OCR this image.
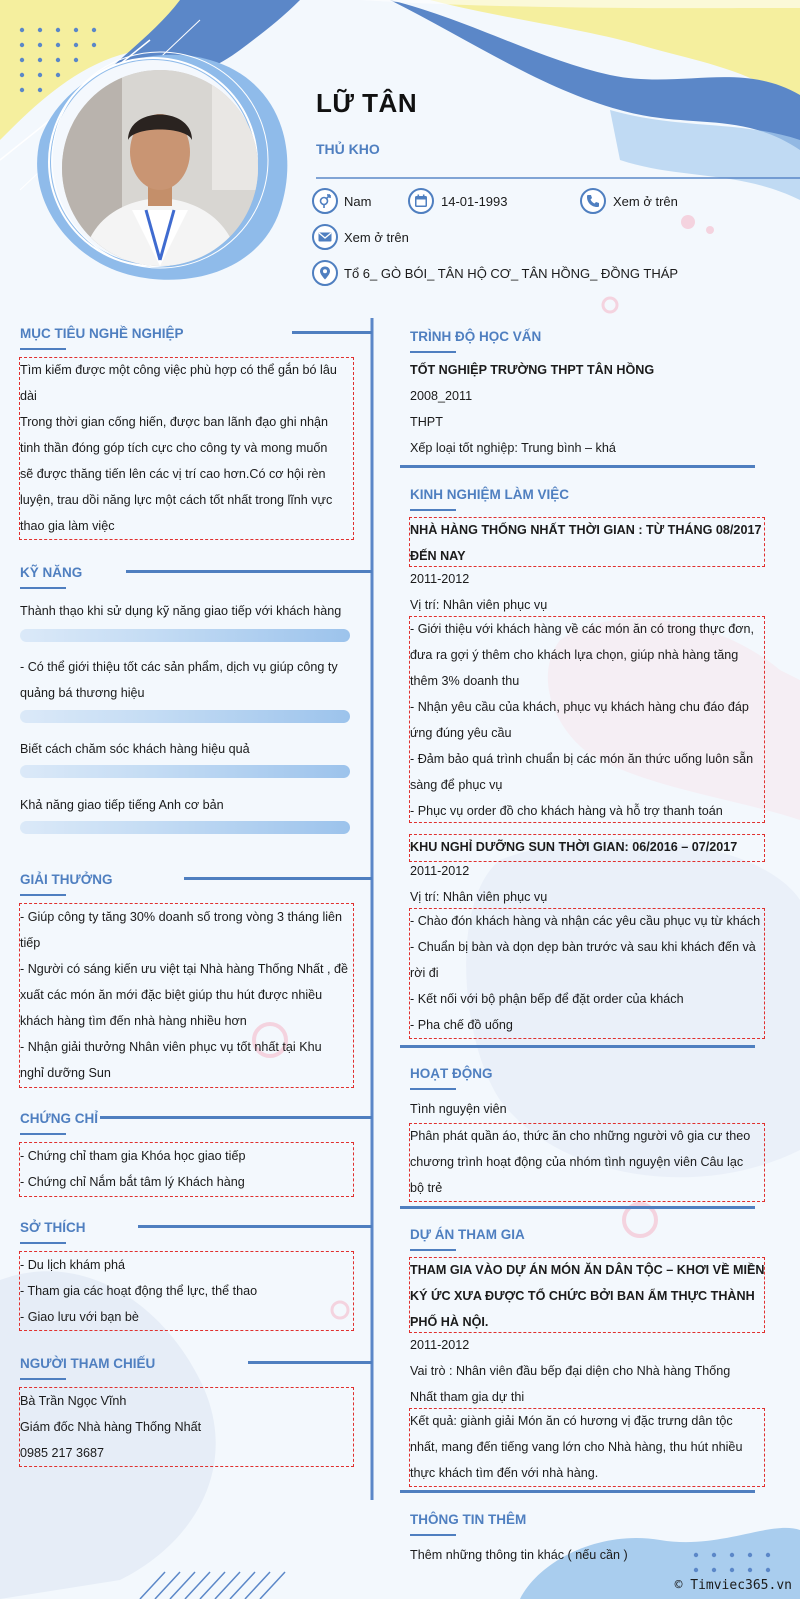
LỮ TÂN
THỦ KHO
Nam	14-01-1993	Xem ở trên
Xem ở trên
Tổ 6_ GÒ BÓI_ TÂN HỘ CƠ_ TÂN HỒNG_ ĐỒNG THÁP
MỤC TIÊU NGHỀ NGHIỆP
Tìm kiếm được một công việc phù hợp có thể gắn bó lâu
dài
Trong thời gian cống hiến, được ban lãnh đạo ghi nhận
tinh thần đóng góp tích cực cho công ty và mong muốn
sẽ được thăng tiến lên các vị trí cao hơn.Có cơ hội rèn
luyện, trau dồi năng lực một cách tốt nhất trong lĩnh vực
thao gia làm việc
KỸ NĂNG
Thành thạo khi sử dụng kỹ năng giao tiếp với khách hàng
- Có thể giới thiệu tốt các sản phẩm, dịch vụ giúp công ty
quảng bá thương hiệu
Biết cách chăm sóc khách hàng hiệu quả
Khả năng giao tiếp tiếng Anh cơ bản
GIẢI THƯỞNG
- Giúp công ty tăng 30% doanh số trong vòng 3 tháng liên
tiếp
- Người có sáng kiến ưu việt tại Nhà hàng Thống Nhất , đề
xuất các món ăn mới đặc biệt giúp thu hút được nhiều
khách hàng tìm đến nhà hàng nhiều hơn
- Nhận giải thưởng Nhân viên phục vụ tốt nhất tại Khu
nghỉ dưỡng Sun
CHỨNG CHỈ
- Chứng chỉ tham gia Khóa học giao tiếp
- Chứng chỉ Nắm bắt tâm lý Khách hàng
SỞ THÍCH
- Du lịch khám phá
- Tham gia các hoạt động thể lực, thể thao
- Giao lưu với bạn bè
NGƯỜI THAM CHIẾU
Bà Trần Ngọc Vĩnh
Giám đốc Nhà hàng Thống Nhất
0985 217 3687
TRÌNH ĐỘ HỌC VẤN
TỐT NGHIỆP TRƯỜNG THPT TÂN HỒNG
2008_2011
THPT
Xếp loại tốt nghiệp: Trung bình – khá
KINH NGHIỆM LÀM VIỆC
NHÀ HÀNG THỐNG NHẤT THỜI GIAN : TỪ THÁNG 08/2017
ĐẾN NAY
2011-2012
Vị trí: Nhân viên phục vụ
- Giới thiệu với khách hàng về các món ăn có trong thực đơn,
đưa ra gợi ý thêm cho khách lựa chọn, giúp nhà hàng tăng
thêm 3% doanh thu
- Nhận yêu cầu của khách, phục vụ khách hàng chu đáo đáp
ứng đúng yêu cầu
- Đảm bảo quá trình chuẩn bị các món ăn thức uống luôn sẵn
sàng để phục vụ
- Phục vụ order đồ cho khách hàng và hỗ trợ thanh toán
KHU NGHỈ DƯỠNG SUN THỜI GIAN: 06/2016 – 07/2017
2011-2012
Vị trí: Nhân viên phục vụ
- Chào đón khách hàng và nhận các yêu cầu phục vụ từ khách
- Chuẩn bị bàn và dọn dẹp bàn trước và sau khi khách đến và
rời đi
- Kết nối với bộ phận bếp để đặt order của khách
- Pha chế đồ uống
HOẠT ĐỘNG
Tình nguyện viên
Phân phát quần áo, thức ăn cho những người vô gia cư theo
chương trình hoạt động của nhóm tình nguyện viên Câu lạc
bộ trẻ
DỰ ÁN THAM GIA
THAM GIA VÀO DỰ ÁN MÓN ĂN DÂN TỘC – KHƠI VỀ MIỀN
KÝ ỨC XƯA ĐƯỢC TỔ CHỨC BỞI BAN ẨM THỰC THÀNH
PHỐ HÀ NỘI.
2011-2012
Vai trò : Nhân viên đầu bếp đại diện cho Nhà hàng Thống
Nhất tham gia dự thi
Kết quả: giành giải Món ăn có hương vị đặc trưng dân tộc
nhất, mang đến tiếng vang lớn cho Nhà hàng, thu hút nhiều
thực khách tìm đến với nhà hàng.
THÔNG TIN THÊM
Thêm những thông tin khác ( nếu cần )
© Timviec365.vn
